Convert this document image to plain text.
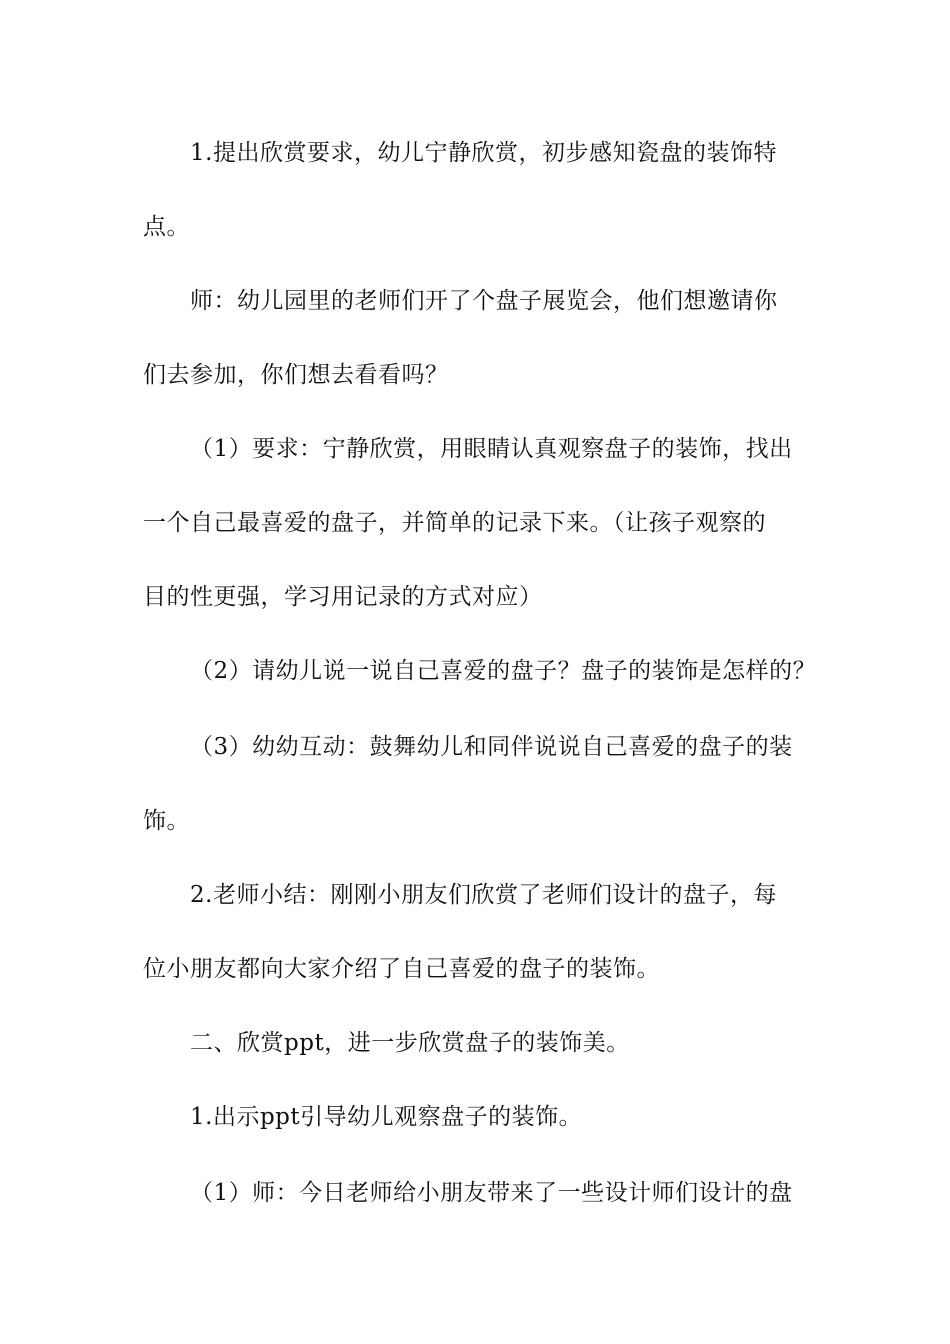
1.提出欣赏要求，幼儿宁静欣赏，初步感知瓷盘的装饰特

点。

师：幼儿园里的老师们开了个盘子展览会，他们想邀请你

们去参加，你们想去看看吗？

（1）要求：宁静欣赏，用眼睛认真观察盘子的装饰，找出

一个自己最喜爱的盘子，并简单的记录下来。（让孩子观察的

目的性更强，学习用记录的方式对应）

（2）请幼儿说一说自己喜爱的盘子？盘子的装饰是怎样的？

（3）幼幼互动：鼓舞幼儿和同伴说说自己喜爱的盘子的装

饰。

2.老师小结：刚刚小朋友们欣赏了老师们设计的盘子，每

位小朋友都向大家介绍了自己喜爱的盘子的装饰。

二、欣赏ppt，进一步欣赏盘子的装饰美。

1.出示ppt引导幼儿观察盘子的装饰。

（1）师：今日老师给小朋友带来了一些设计师们设计的盘
